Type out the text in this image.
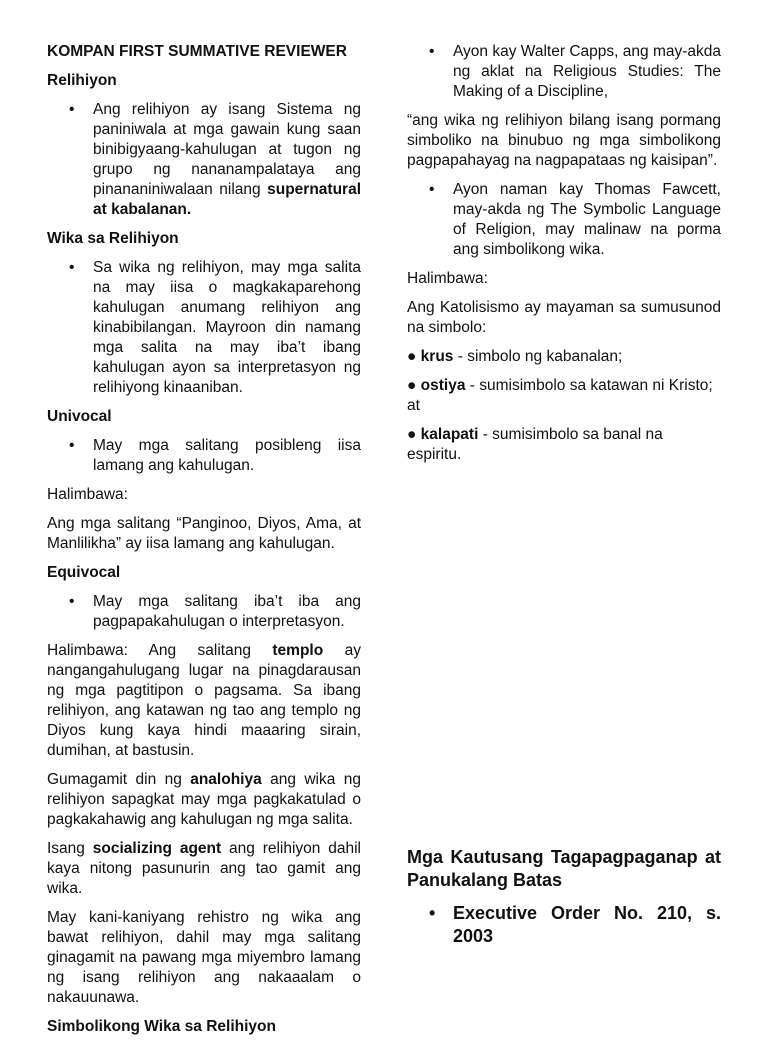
KOMPAN FIRST SUMMATIVE REVIEWER

Relihiyon

• Ang relihiyon ay isang Sistema ng paniniwala at mga gawain kung saan binibigyaang-kahulugan at tugon ng grupo ng nananampalataya ang pinananiniwalaan nilang supernatural at kabalanan.

Wika sa Relihiyon

• Sa wika ng relihiyon, may mga salita na may iisa o magkakaparehong kahulugan anumang relihiyon ang kinabibilangan. Mayroon din namang mga salita na may iba’t ibang kahulugan ayon sa interpretasyon ng relihiyong kinaaniban.

Univocal

• May mga salitang posibleng iisa lamang ang kahulugan.

Halimbawa:

Ang mga salitang “Panginoo, Diyos, Ama, at Manlilikha” ay iisa lamang ang kahulugan.

Equivocal

• May mga salitang iba’t iba ang pagpapakahulugan o interpretasyon.

Halimbawa: Ang salitang templo ay nangangahulugang lugar na pinagdarausan ng mga pagtitipon o pagsama. Sa ibang relihiyon, ang katawan ng tao ang templo ng Diyos kung kaya hindi maaaring sirain, dumihan, at bastusin.

Gumagamit din ng analohiya ang wika ng relihiyon sapagkat may mga pagkakatulad o pagkakahawig ang kahulugan ng mga salita.

Isang socializing agent ang relihiyon dahil kaya nitong pasunurin ang tao gamit ang wika.

May kani-kaniyang rehistro ng wika ang bawat relihiyon, dahil may mga salitang ginagamit na pawang mga miyembro lamang ng isang relihiyon ang nakaaalam o nakauunawa.

Simbolikong Wika sa Relihiyon

• Ayon kay Walter Capps, ang may-akda ng aklat na Religious Studies: The Making of a Discipline,

“ang wika ng relihiyon bilang isang pormang simboliko na binubuo ng mga simbolikong pagpapahayag na nagpapataas ng kaisipan”.

• Ayon naman kay Thomas Fawcett, may-akda ng The Symbolic Language of Religion, may malinaw na porma ang simbolikong wika.

Halimbawa:

Ang Katolisismo ay mayaman sa sumusunod na simbolo:

● krus - simbolo ng kabanalan;

● ostiya - sumisimbolo sa katawan ni Kristo; at

● kalapati - sumisimbolo sa banal na espiritu.

Mga Kautusang Tagapagpaganap at Panukalang Batas

• Executive Order No. 210, s. 2003
